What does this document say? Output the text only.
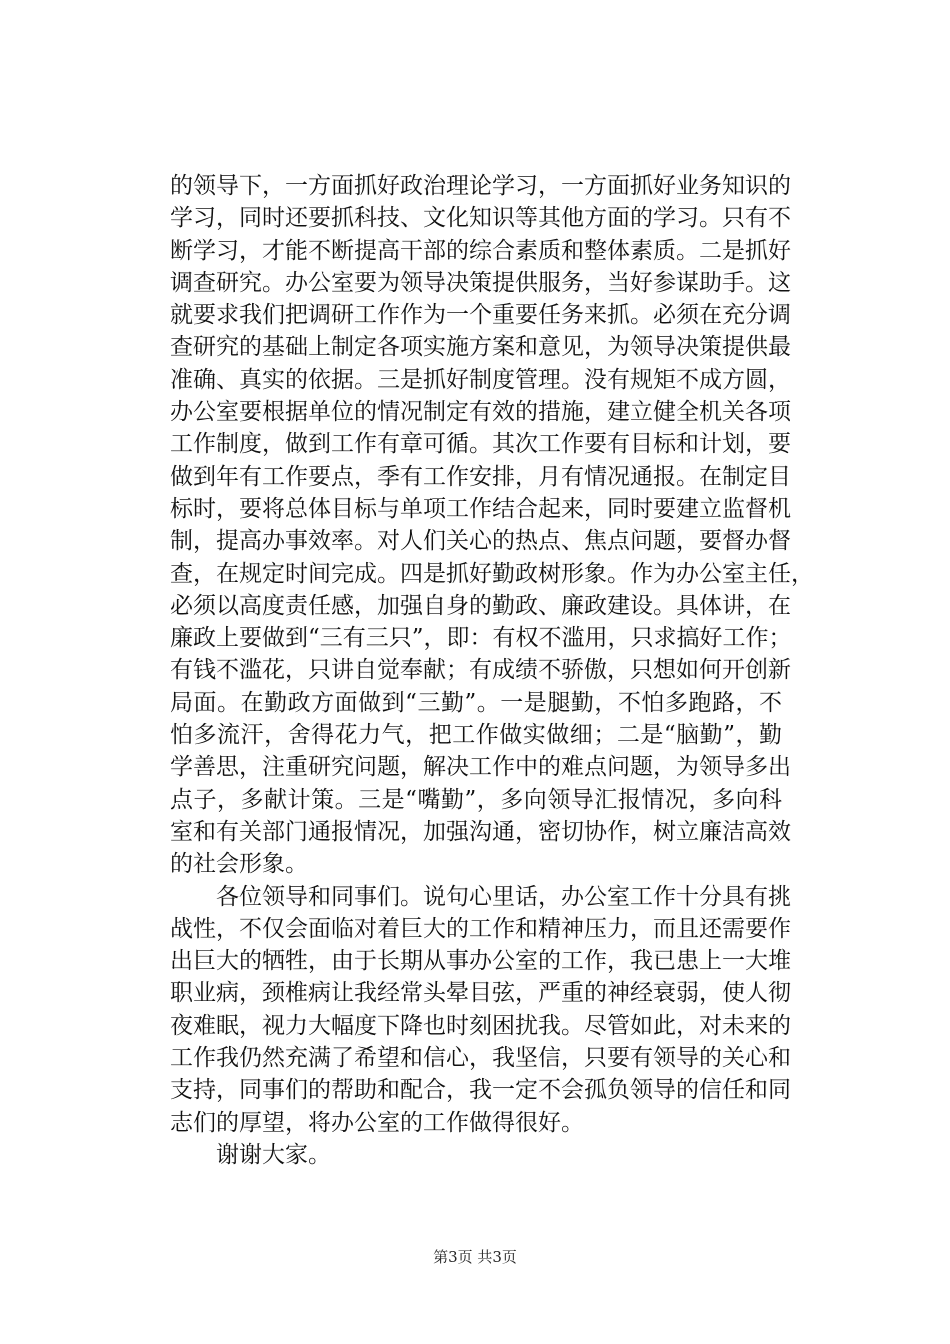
的领导下，一方面抓好政治理论学习，一方面抓好业务知识的
学习，同时还要抓科技、文化知识等其他方面的学习。只有不
断学习，才能不断提高干部的综合素质和整体素质。二是抓好
调查研究。办公室要为领导决策提供服务，当好参谋助手。这
就要求我们把调研工作作为一个重要任务来抓。必须在充分调
查研究的基础上制定各项实施方案和意见，为领导决策提供最
准确、真实的依据。三是抓好制度管理。没有规矩不成方圆，
办公室要根据单位的情况制定有效的措施，建立健全机关各项
工作制度，做到工作有章可循。其次工作要有目标和计划，要
做到年有工作要点，季有工作安排，月有情况通报。在制定目
标时，要将总体目标与单项工作结合起来，同时要建立监督机
制，提高办事效率。对人们关心的热点、焦点问题，要督办督
查，在规定时间完成。四是抓好勤政树形象。作为办公室主任，
必须以高度责任感，加强自身的勤政、廉政建设。具体讲，在
廉政上要做到“三有三只”，即：有权不滥用，只求搞好工作；
有钱不滥花，只讲自觉奉献；有成绩不骄傲，只想如何开创新
局面。在勤政方面做到“三勤”。一是腿勤，不怕多跑路，不
怕多流汗，舍得花力气，把工作做实做细；二是“脑勤”，勤
学善思，注重研究问题，解决工作中的难点问题，为领导多出
点子，多献计策。三是“嘴勤”，多向领导汇报情况，多向科
室和有关部门通报情况，加强沟通，密切协作，树立廉洁高效
的社会形象。
各位领导和同事们。说句心里话，办公室工作十分具有挑
战性，不仅会面临对着巨大的工作和精神压力，而且还需要作
出巨大的牺牲，由于长期从事办公室的工作，我已患上一大堆
职业病，颈椎病让我经常头晕目弦，严重的神经衰弱，使人彻
夜难眠，视力大幅度下降也时刻困扰我。尽管如此，对未来的
工作我仍然充满了希望和信心，我坚信，只要有领导的关心和
支持，同事们的帮助和配合，我一定不会孤负领导的信任和同
志们的厚望，将办公室的工作做得很好。
谢谢大家。
第3页 共3页
